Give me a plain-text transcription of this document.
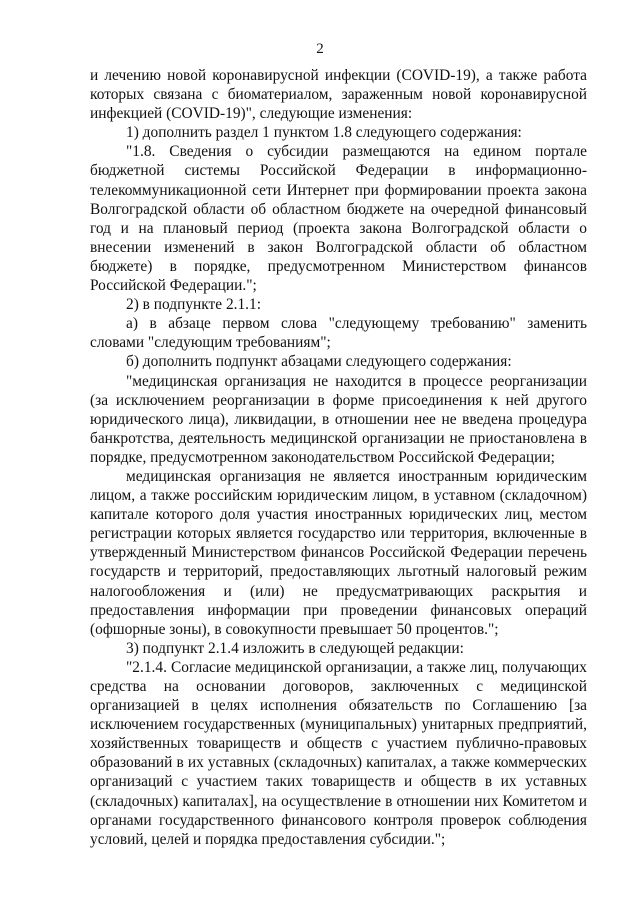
2

и лечению новой коронавирусной инфекции (COVID-19), а также работа которых связана с биоматериалом, зараженным новой коронавирусной инфекцией (COVID-19)", следующие изменения:

1) дополнить раздел 1 пунктом 1.8 следующего содержания:

"1.8. Сведения о субсидии размещаются на едином портале бюджетной системы Российской Федерации в информационно-телекоммуникационной сети Интернет при формировании проекта закона Волгоградской области об областном бюджете на очередной финансовый год и на плановый период (проекта закона Волгоградской области о внесении изменений в закон Волгоградской области об областном бюджете) в порядке, предусмотренном Министерством финансов Российской Федерации.";

2) в подпункте 2.1.1:

а) в абзаце первом слова "следующему требованию" заменить словами "следующим требованиям";

б) дополнить подпункт абзацами следующего содержания:

"медицинская организация не находится в процессе реорганизации (за исключением реорганизации в форме присоединения к ней другого юридического лица), ликвидации, в отношении нее не введена процедура банкротства, деятельность медицинской организации не приостановлена в порядке, предусмотренном законодательством Российской Федерации;

медицинская организация не является иностранным юридическим лицом, а также российским юридическим лицом, в уставном (складочном) капитале которого доля участия иностранных юридических лиц, местом регистрации которых является государство или территория, включенные в утвержденный Министерством финансов Российской Федерации перечень государств и территорий, предоставляющих льготный налоговый режим налогообложения и (или) не предусматривающих раскрытия и предоставления информации при проведении финансовых операций (офшорные зоны), в совокупности превышает 50 процентов.";

3) подпункт 2.1.4 изложить в следующей редакции:

"2.1.4. Согласие медицинской организации, а также лиц, получающих средства на основании договоров, заключенных с медицинской организацией в целях исполнения обязательств по Соглашению [за исключением государственных (муниципальных) унитарных предприятий, хозяйственных товариществ и обществ с участием публично-правовых образований в их уставных (складочных) капиталах, а также коммерческих организаций с участием таких товариществ и обществ в их уставных (складочных) капиталах], на осуществление в отношении них Комитетом и органами государственного финансового контроля проверок соблюдения условий, целей и порядка предоставления субсидии.";
